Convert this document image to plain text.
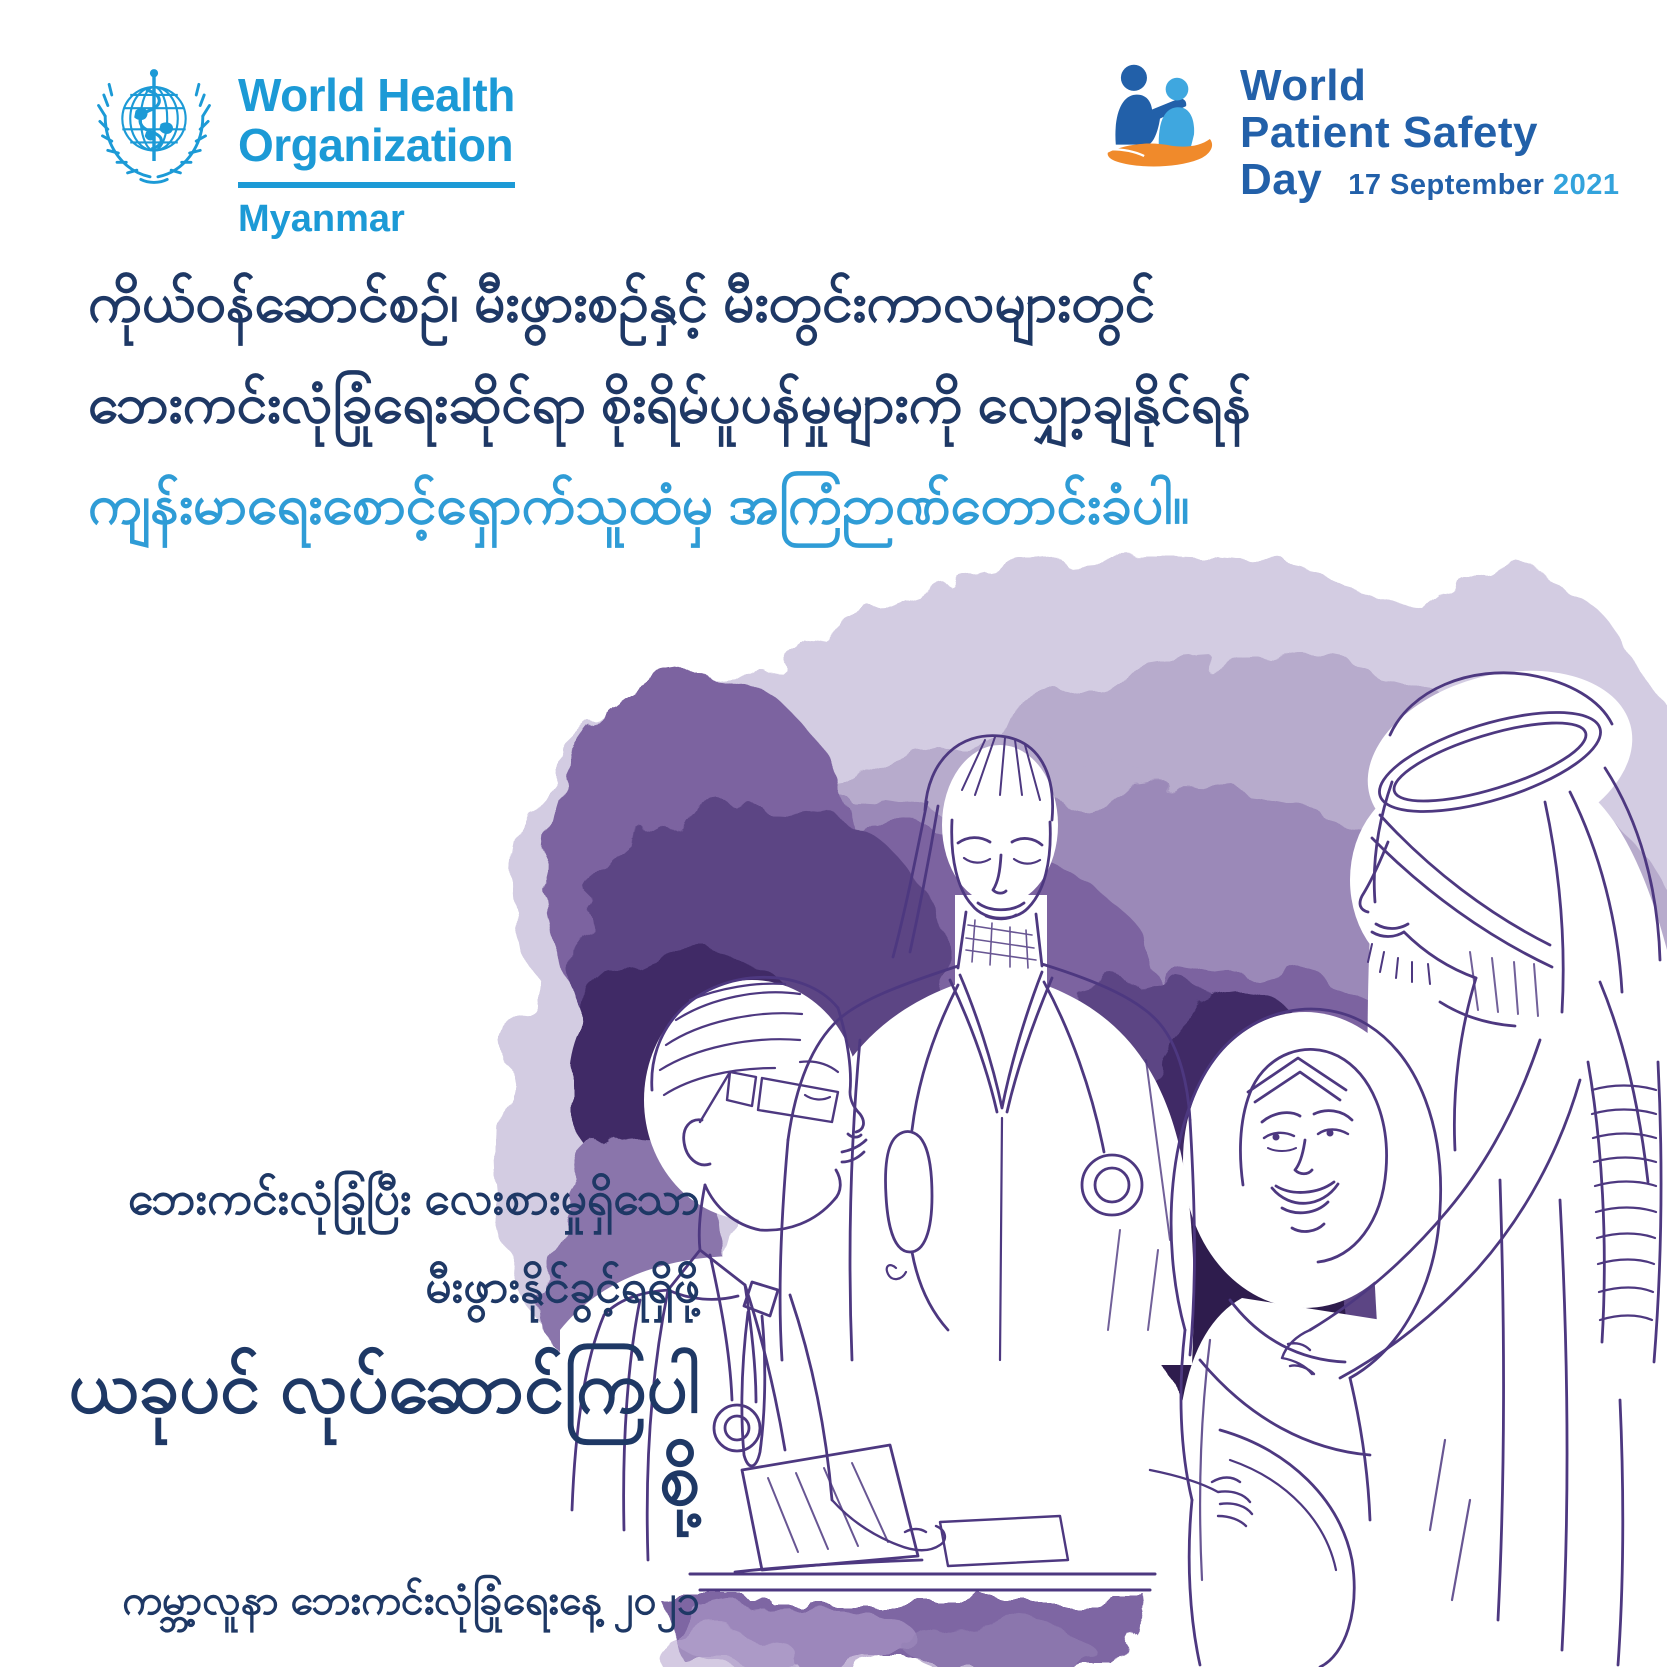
World Health
Organization
Myanmar
World
Patient Safety
Day 17 September 2021
ကိုယ်ဝန်ဆောင်စဉ်၊ မီးဖွားစဉ်နှင့် မီးတွင်းကာလများတွင်
ဘေးကင်းလုံခြုံရေးဆိုင်ရာ စိုးရိမ်ပူပန်မှုများကို လျှော့ချနိုင်ရန်
ကျန်းမာရေးစောင့်ရှောက်သူထံမှ အကြံဉာဏ်တောင်းခံပါ။
ဘေးကင်းလုံခြုံပြီး လေးစားမှုရှိသော
မီးဖွားနိုင်ခွင့်ရရှိဖို့
ယခုပင် လုပ်ဆောင်ကြပါစို့
ကမ္ဘာ့လူနာ ဘေးကင်းလုံခြုံရေးနေ့ ၂၀၂၁
